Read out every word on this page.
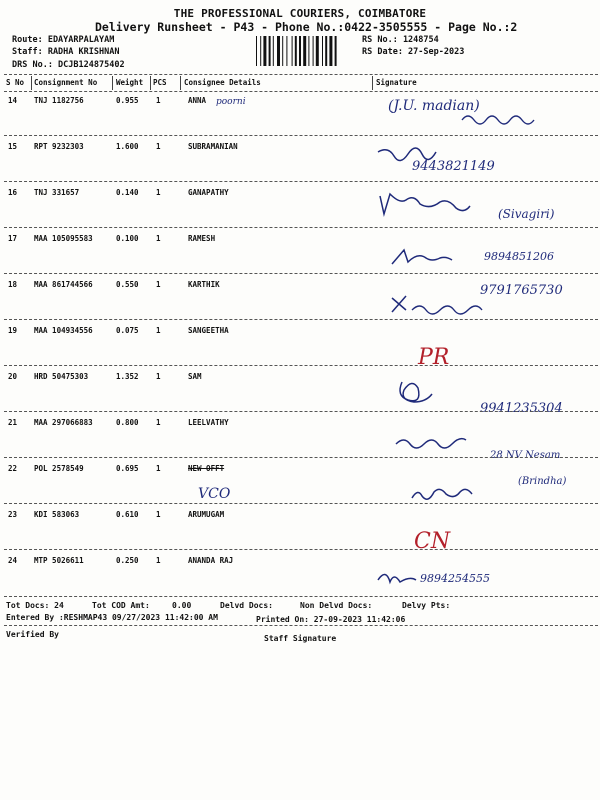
THE PROFESSIONAL COURIERS, COIMBATORE
Delivery Runsheet - P43 - Phone No.:0422-3505555 - Page No.:2
Route: EDAYARPALAYAM
Staff: RADHA KRISHNAN
DRS No.: DCJB124875402
RS No.: 1248754
RS Date: 27-Sep-2023
S No Consignment No	Weight PCS Consignee Details	Signature
14 TNJ 1182756	0.955 1	ANNA poorni	(J.U. madian)
15 RPT 9232303	1.600 1	SUBRAMANIAN
9443821149
16 TNJ 331657	0.140 1	GANAPATHY
(Sivagiri)
17 MAA 105095583	0.100 1	RAMESH
9894851206
18 MAA 861744566	0.550 1	KARTHIK	9791765730
19 MAA 104934556	0.075 1	SANGEETHA
PR
20 HRD 50475303	1.352 1	SAM
9941235304
21 MAA 297066883	0.800 1	LEELVATHY
28 NV Nesam
22 POL 2578549	0.695 1	NEW OFFT
VCO
(Brindha)
23 KDI 583063	0.610 1	ARUMUGAM
CN
24 MTP 5026611	0.250 1	ANANDA RAJ
9894254555
Tot Docs: 24	Tot COD Amt:	0.00	Delvd Docs:	Non Delvd Docs:	Delvy Pts:
Entered By :RESHMAP43 09/27/2023 11:42:00 AM	Printed On: 27-09-2023 11:42:06
Verified By	Staff Signature
